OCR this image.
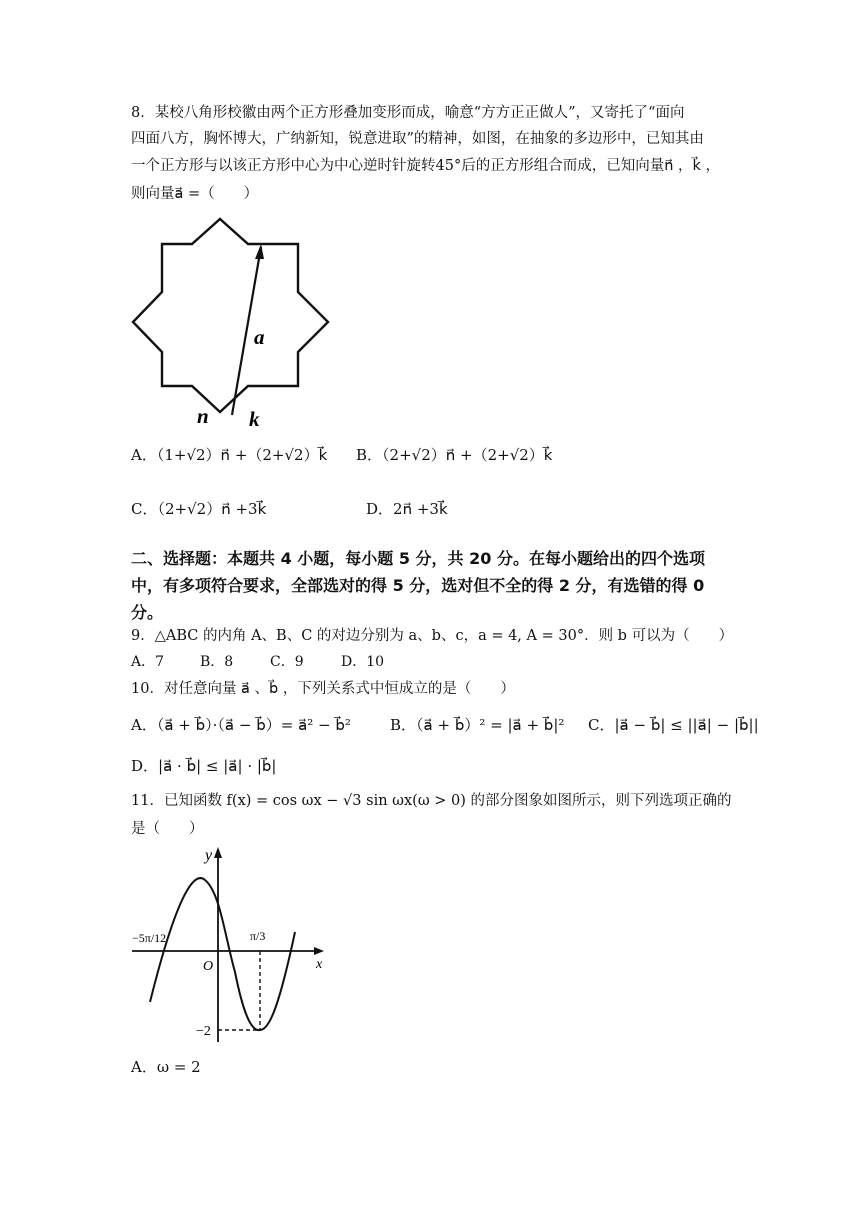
8．某校八角形校徽由两个正方形叠加变形而成，喻意“方方正正做人”，又寄托了“面向
四面八方，胸怀博大，广纳新知，锐意进取”的精神，如图，在抽象的多边形中，已知其由
一个正方形与以该正方形中心为中心逆时针旋转45°后的正方形组合而成，已知向量n⃗ ，k⃗ ，
则向量a⃗ =（　　）
a
n k
A．（1+√2）n⃗ +（2+√2）k⃗ B．（2+√2）n⃗ +（2+√2）k⃗
C．（2+√2）n⃗ +3k⃗	D．2n⃗ +3k⃗
二、选择题：本题共 4 小题，每小题 5 分，共 20 分。在每小题给出的四个选项
中，有多项符合要求，全部选对的得 5 分，选对但不全的得 2 分，有选错的得 0
分。
9．△ABC 的内角 A、B、C 的对边分别为 a、b、c，a = 4, A = 30°．则 b 可以为（　　）
A．7	B．8	C．9	D．10
10．对任意向量 a⃗ 、b⃗ ，下列关系式中恒成立的是（　　）
A．（a⃗ + b⃗）·（a⃗ − b⃗）= a⃗² − b⃗²	B．（a⃗ + b⃗）² = |a⃗ + b⃗|² C．|a⃗ − b⃗| ≤ ||a⃗| − |b⃗||
D．|a⃗ · b⃗| ≤ |a⃗| · |b⃗|
11．已知函数 f(x) = cos ωx − √3 sin ωx(ω > 0) 的部分图象如图所示，则下列选项正确的
是（　　）
y
x
O
−5π/12	π/3
−2
A．ω = 2
